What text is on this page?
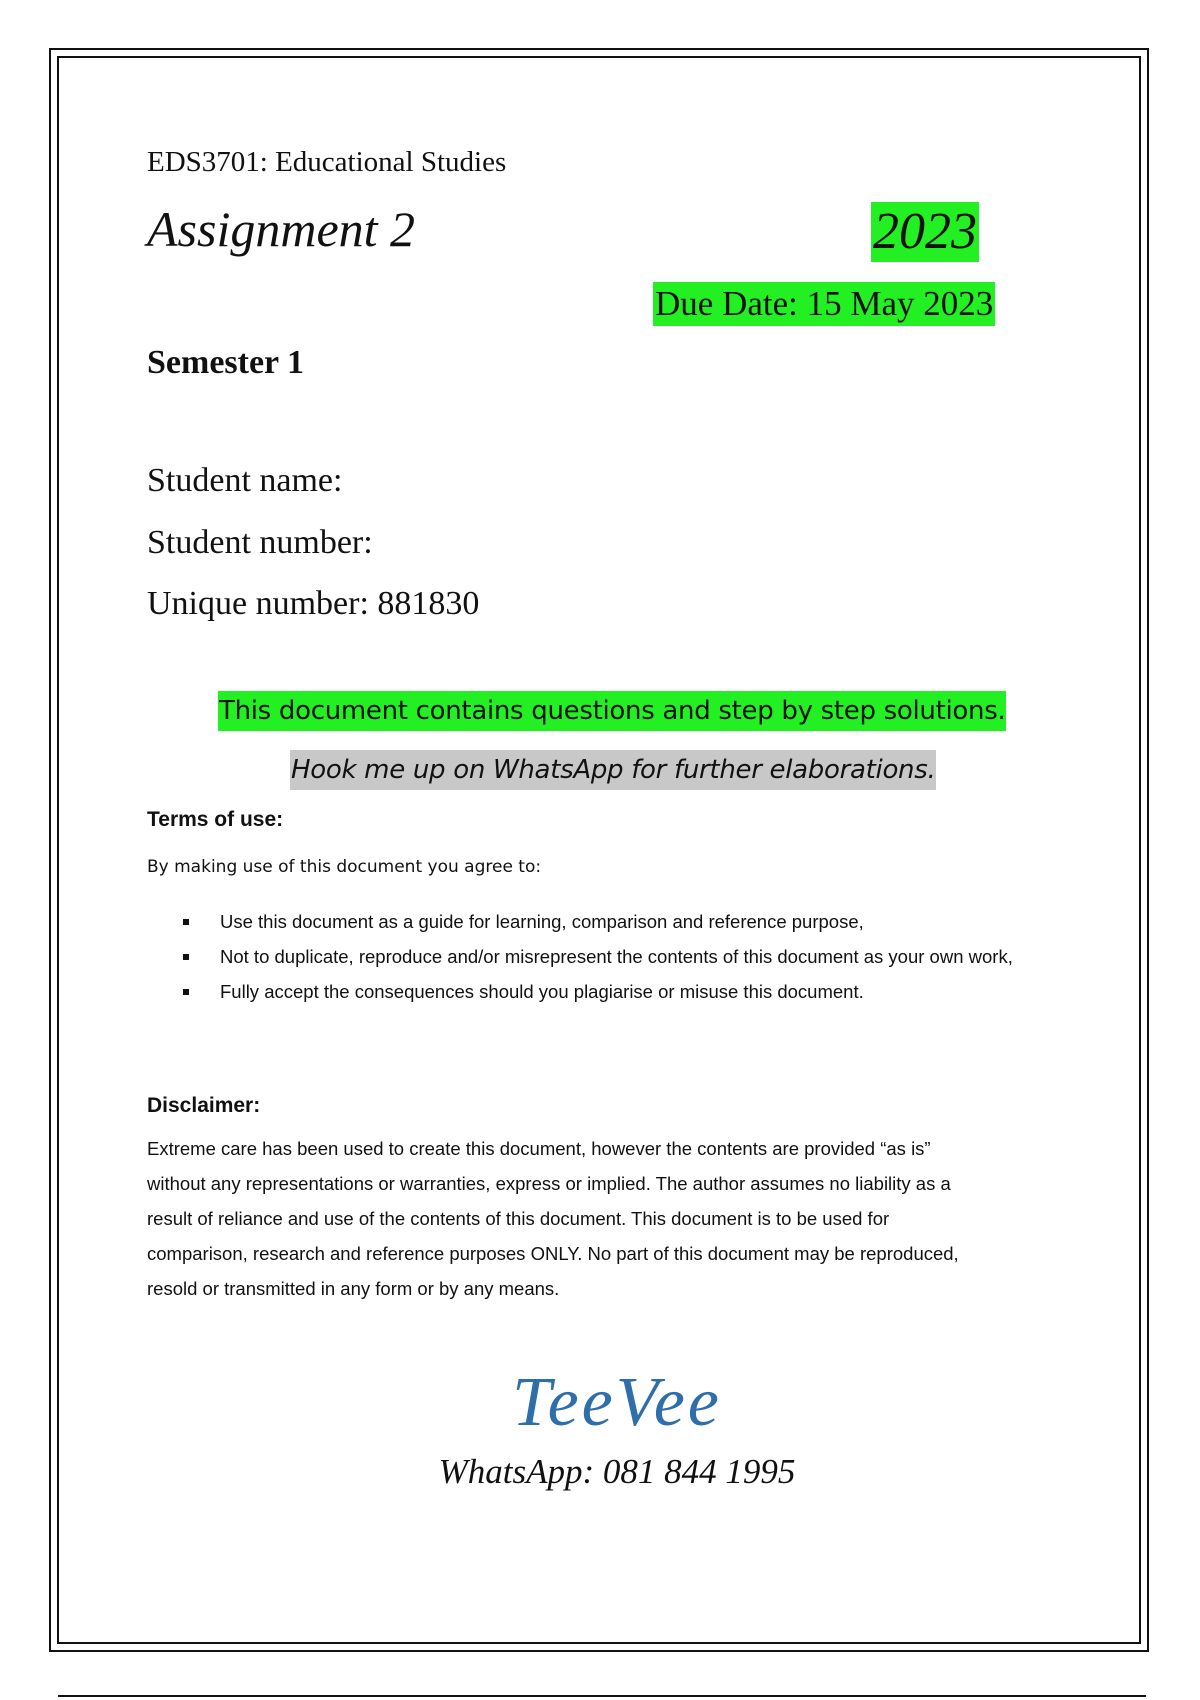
EDS3701: Educational Studies
Assignment 2	2023
Due Date: 15 May 2023
Semester 1
Student name:
Student number:
Unique number: 881830
This document contains questions and step by step solutions.
Hook me up on WhatsApp for further elaborations.
Terms of use:
By making use of this document you agree to:
Use this document as a guide for learning, comparison and reference purpose,
Not to duplicate, reproduce and/or misrepresent the contents of this document as your own work,
Fully accept the consequences should you plagiarise or misuse this document.
Disclaimer:
Extreme care has been used to create this document, however the contents are provided “as is”
without any representations or warranties, express or implied. The author assumes no liability as a
result of reliance and use of the contents of this document. This document is to be used for
comparison, research and reference purposes ONLY. No part of this document may be reproduced,
resold or transmitted in any form or by any means.
TeeVee
WhatsApp: 081 844 1995
